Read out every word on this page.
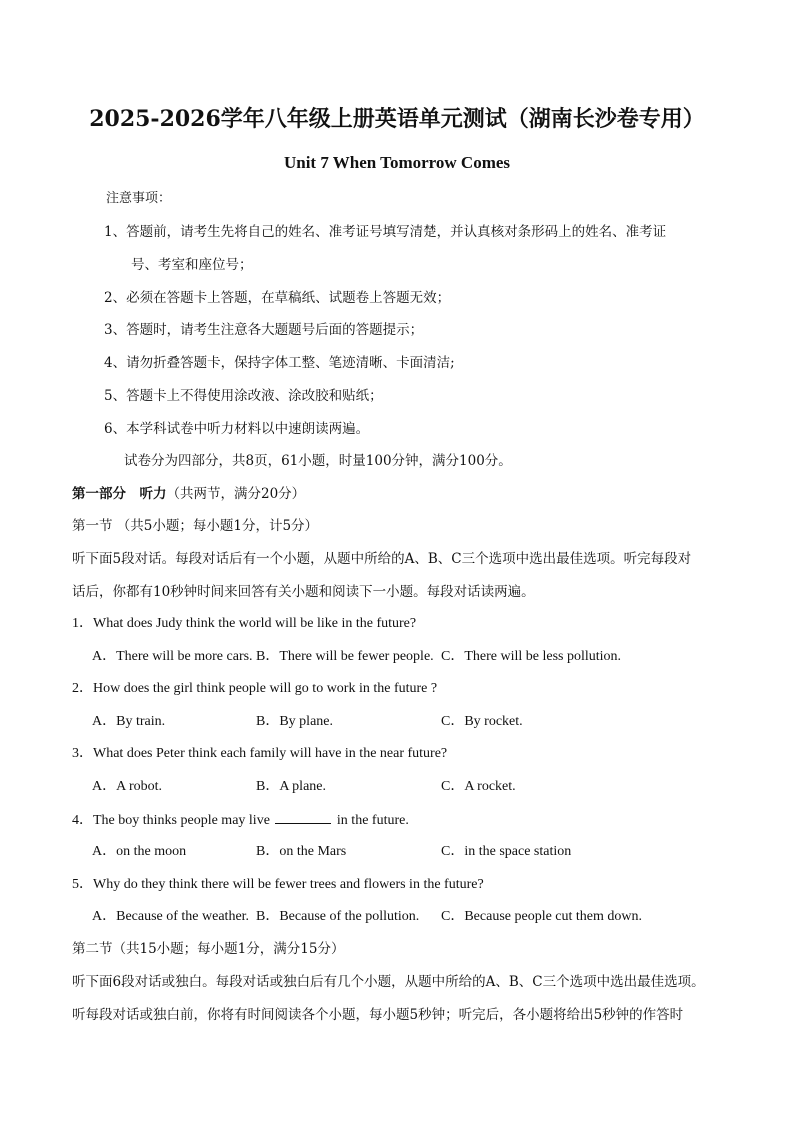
2025-2026学年八年级上册英语单元测试（湖南长沙卷专用）
Unit 7 When Tomorrow Comes
注意事项：
1、答题前，请考生先将自己的姓名、准考证号填写清楚，并认真核对条形码上的姓名、准考证
号、考室和座位号；
2、必须在答题卡上答题，在草稿纸、试题卷上答题无效；
3、答题时，请考生注意各大题题号后面的答题提示；
4、请勿折叠答题卡，保持字体工整、笔迹清晰、卡面清洁;
5、答题卡上不得使用涂改液、涂改胶和贴纸；
6、本学科试卷中听力材料以中速朗读两遍。
试卷分为四部分，共8页，61小题，时量100分钟，满分100分。
第一部分　听力（共两节，满分20分）
第一节 （共5小题；每小题1分，计5分）
听下面5段对话。每段对话后有一个小题，从题中所给的A、B、C三个选项中选出最佳选项。听完每段对
话后，你都有10秒钟时间来回答有关小题和阅读下一小题。每段对话读两遍。
1．What does Judy think the world will be like in the future?
A．There will be more cars. B．There will be fewer people. C．There will be less pollution.
2．How does the girl think people will go to work in the future ?
A．By train.	B．By plane.	C．By rocket.
3．What does Peter think each family will have in the near future?
A．A robot.	B．A plane.	C．A rocket.
4．The boy thinks people may live	in the future.
A．on the moon	B．on the Mars	C．in the space station
5．Why do they think there will be fewer trees and flowers in the future?
A．Because of the weather. B．Because of the pollution. C．Because people cut them down.
第二节（共15小题；每小题1分，满分15分）
听下面6段对话或独白。每段对话或独白后有几个小题，从题中所给的A、B、C三个选项中选出最佳选项。
听每段对话或独白前，你将有时间阅读各个小题，每小题5秒钟；听完后，各小题将给出5秒钟的作答时
